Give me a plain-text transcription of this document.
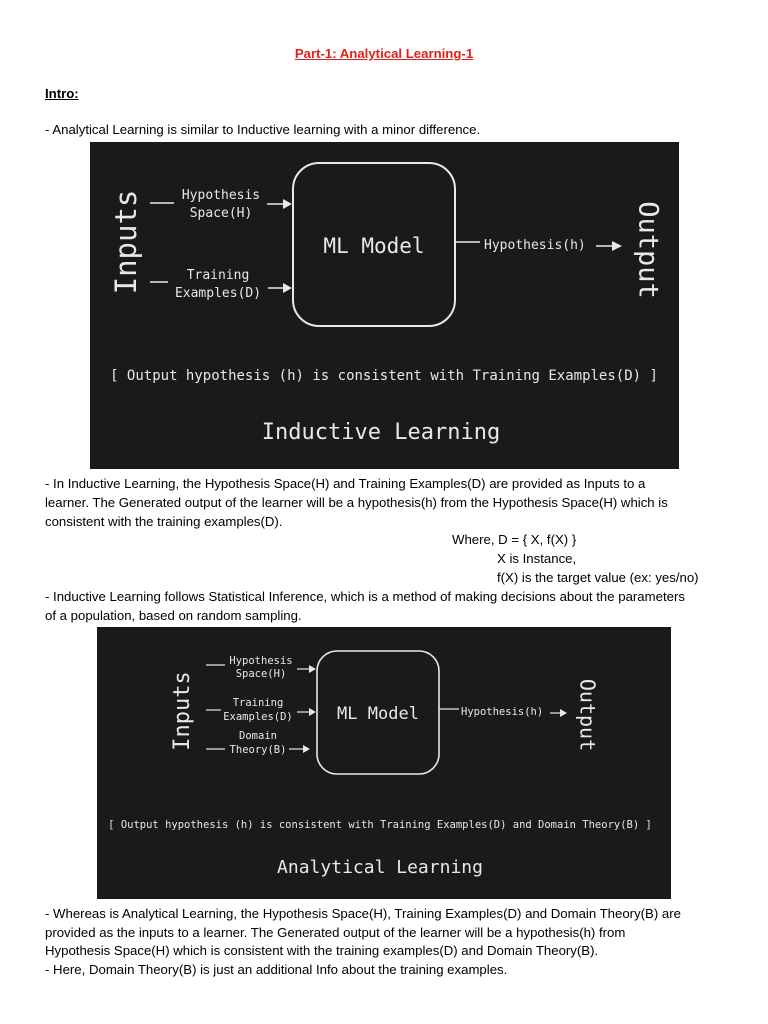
Part-1: Analytical Learning-1

Intro:

- Analytical Learning is similar to Inductive learning with a minor difference.

Inputs	Hypothesis
Space(H)
Training
Examples(D)
ML Model	Hypothesis(h) Output
[ Output hypothesis (h) is consistent with Training Examples(D) ]
Inductive Learning

- In Inductive Learning, the Hypothesis Space(H) and Training Examples(D) are provided as Inputs to a

learner. The Generated output of the learner will be a hypothesis(h) from the Hypothesis Space(H) which is

consistent with the training examples(D).

Where, D = { X, f(X) }

X is Instance,

f(X) is the target value (ex: yes/no)

- Inductive Learning follows Statistical Inference, which is a method of making decisions about the parameters

of a population, based on random sampling.

Inputs
Hypothesis
Space(H)
Training
Examples(D)
Domain
Theory(B)
ML Model	Hypothesis(h) Output
[ Output hypothesis (h) is consistent with Training Examples(D) and Domain Theory(B) ]
Analytical Learning

- Whereas is Analytical Learning, the Hypothesis Space(H), Training Examples(D) and Domain Theory(B) are

provided as the inputs to a learner. The Generated output of the learner will be a hypothesis(h) from

Hypothesis Space(H) which is consistent with the training examples(D) and Domain Theory(B).

- Here, Domain Theory(B) is just an additional Info about the training examples.
